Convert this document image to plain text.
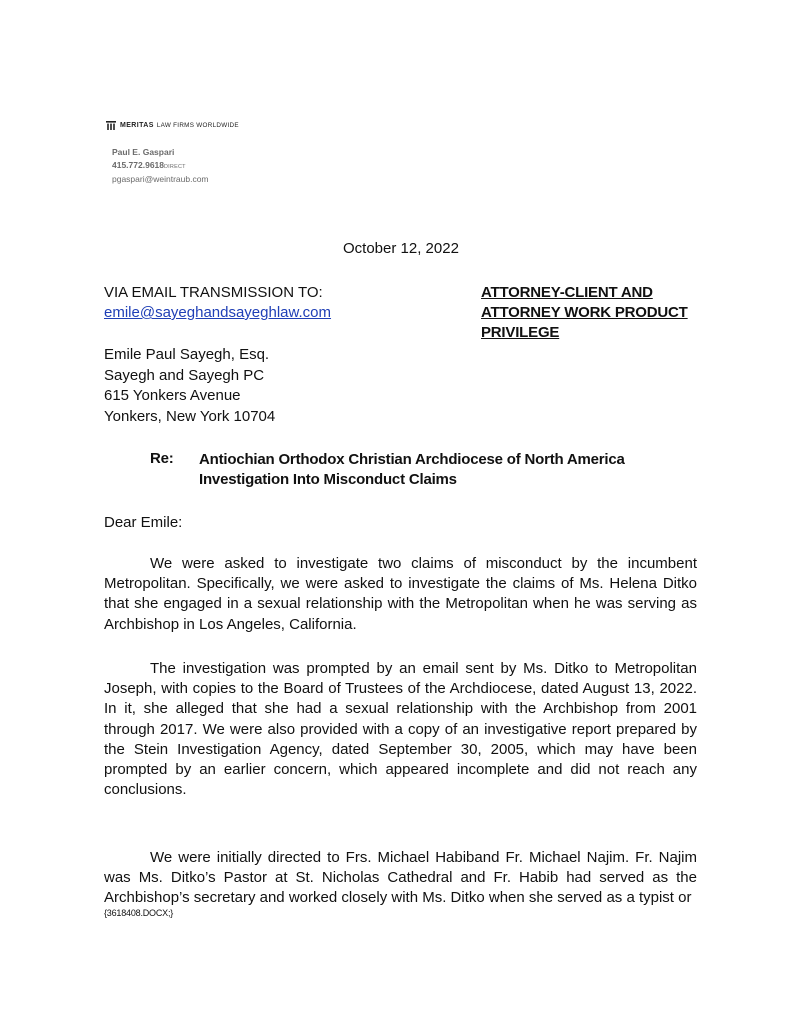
MERITAS LAW FIRMS WORLDWIDE
Paul E. Gaspari
415.772.9618DIRECT
pgaspari@weintraub.com
October 12, 2022
VIA EMAIL TRANSMISSION TO:
emile@sayeghandsayeghlaw.com
ATTORNEY-CLIENT AND
ATTORNEY WORK PRODUCT
PRIVILEGE
Emile Paul Sayegh, Esq.
Sayegh and Sayegh PC
615 Yonkers Avenue
Yonkers, New York 10704
Re: Antiochian Orthodox Christian Archdiocese of North America
Investigation Into Misconduct Claims
Dear Emile:
We were asked to investigate two claims of misconduct by the incumbent Metropolitan. Specifically, we were asked to investigate the claims of Ms. Helena Ditko that she engaged in a sexual relationship with the Metropolitan when he was serving as Archbishop in Los Angeles, California.
The investigation was prompted by an email sent by Ms. Ditko to Metropolitan Joseph, with copies to the Board of Trustees of the Archdiocese, dated August 13, 2022. In it, she alleged that she had a sexual relationship with the Archbishop from 2001 through 2017. We were also provided with a copy of an investigative report prepared by the Stein Investigation Agency, dated September 30, 2005, which may have been prompted by an earlier concern, which appeared incomplete and did not reach any conclusions.
We were initially directed to Frs. Michael Habiband Fr. Michael Najim. Fr. Najim was Ms. Ditko’s Pastor at St. Nicholas Cathedral and Fr. Habib had served as the Archbishop’s secretary and worked closely with Ms. Ditko when she served as a typist or
{3618408.DOCX;}
